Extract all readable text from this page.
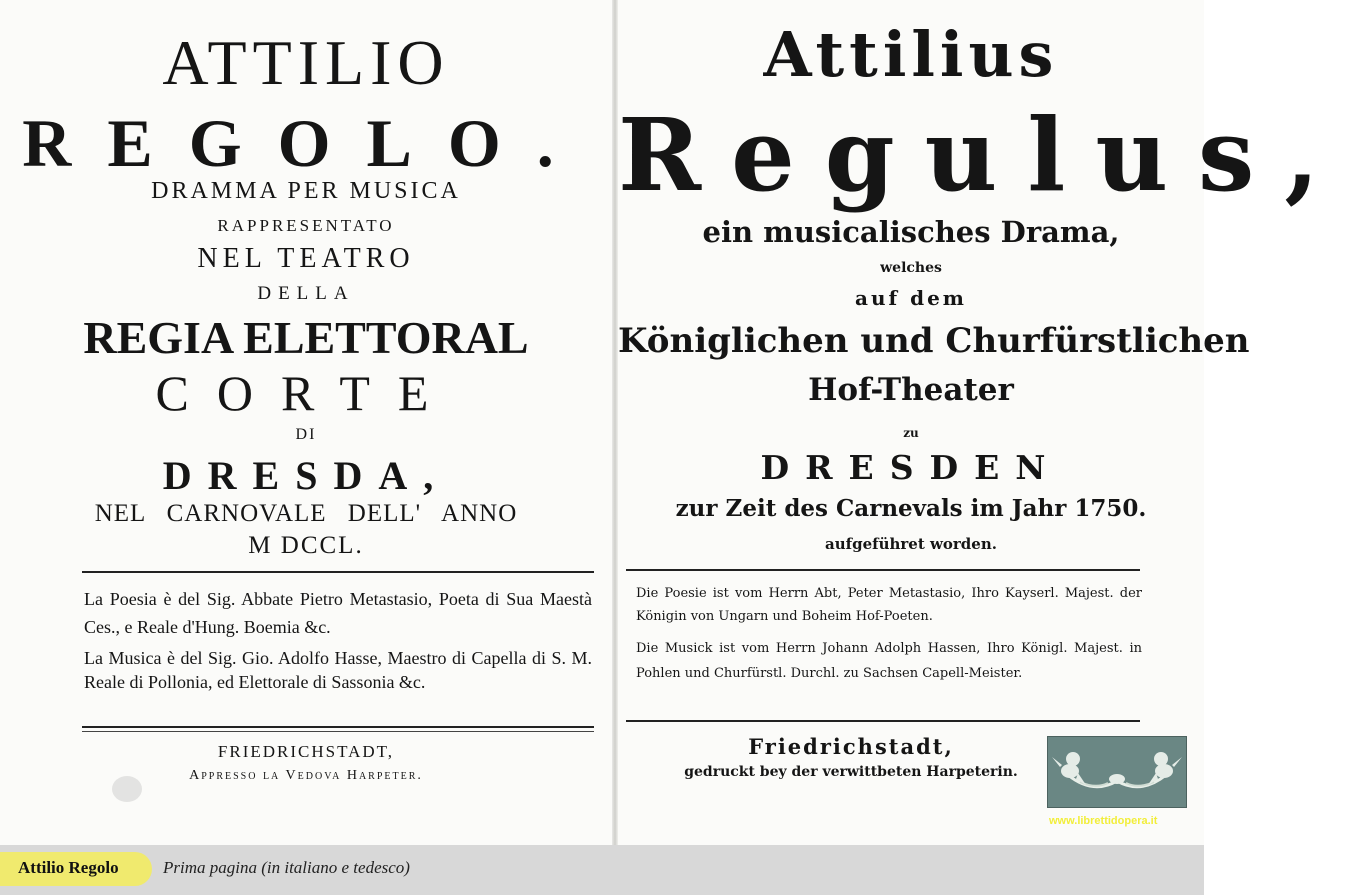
ATTILIO
REGOLO.
DRAMMA PER MUSICA
RAPPRESENTATO
NEL TEATRO
DELLA
REGIA ELETTORAL
CORTE
DI
DRESDA,
NEL CARNOVALE DELL' ANNO
M DCCL.
La Poesia è del Sig. Abbate Pietro Metastasio, Poeta di Sua Maestà Ces., e Reale d'Hung. Boemia &c.
La Musica è del Sig. Gio. Adolfo Hasse, Maestro di Capella di S. M. Reale di Pollonia, ed Elettorale di Sassonia &c.
FRIEDRICHSTADT,
Appresso la Vedova Harpeter.
Attilius
Regulus,
ein musicalisches Drama,
welches
auf dem
Königlichen und Churfürstlichen
Hof-Theater
zu
DRESDEN
zur Zeit des Carnevals im Jahr 1750.
aufgeführet worden.
Die Poesie ist vom Herrn Abt, Peter Metastasio, Ihro Kayserl. Majest. der Königin von Ungarn und Boheim Hof-Poeten.
Die Musick ist vom Herrn Johann Adolph Hassen, Ihro Königl. Majest. in Pohlen und Churfürstl. Durchl. zu Sachsen Capell-Meister.
Friedrichstadt,
gedruckt bey der verwittbeten Harpeterin.
www.librettidopera.it
Attilio Regolo	Prima pagina (in italiano e tedesco)
